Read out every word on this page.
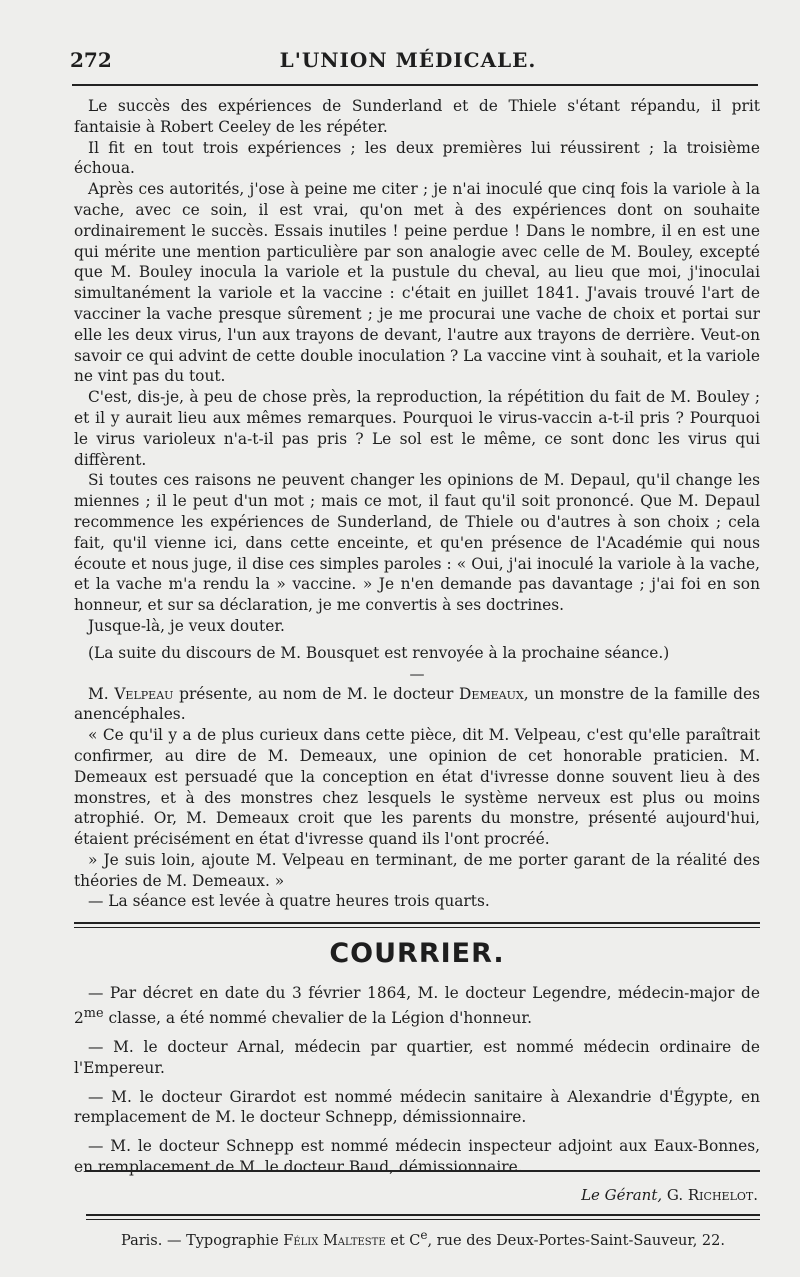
272	L'UNION MÉDICALE.

Le succès des expériences de Sunderland et de Thiele s'étant répandu, il prit fantaisie à Robert Ceeley de les répéter.

Il fit en tout trois expériences ; les deux premières lui réussirent ; la troisième échoua.

Après ces autorités, j'ose à peine me citer ; je n'ai inoculé que cinq fois la variole à la vache, avec ce soin, il est vrai, qu'on met à des expériences dont on souhaite ordinairement le succès. Essais inutiles ! peine perdue ! Dans le nombre, il en est une qui mérite une mention particulière par son analogie avec celle de M. Bouley, excepté que M. Bouley inocula la variole et la pustule du cheval, au lieu que moi, j'inoculai simultanément la variole et la vaccine : c'était en juillet 1841. J'avais trouvé l'art de vacciner la vache presque sûrement ; je me procurai une vache de choix et portai sur elle les deux virus, l'un aux trayons de devant, l'autre aux trayons de derrière. Veut-on savoir ce qui advint de cette double inoculation ? La vaccine vint à souhait, et la variole ne vint pas du tout.

C'est, dis-je, à peu de chose près, la reproduction, la répétition du fait de M. Bouley ; et il y aurait lieu aux mêmes remarques. Pourquoi le virus-vaccin a-t-il pris ? Pourquoi le virus varioleux n'a-t-il pas pris ? Le sol est le même, ce sont donc les virus qui diffèrent.

Si toutes ces raisons ne peuvent changer les opinions de M. Depaul, qu'il change les miennes ; il le peut d'un mot ; mais ce mot, il faut qu'il soit prononcé. Que M. Depaul recommence les expériences de Sunderland, de Thiele ou d'autres à son choix ; cela fait, qu'il vienne ici, dans cette enceinte, et qu'en présence de l'Académie qui nous écoute et nous juge, il dise ces simples paroles : « Oui, j'ai inoculé la variole à la vache, et la vache m'a rendu la » vaccine. » Je n'en demande pas davantage ; j'ai foi en son honneur, et sur sa déclaration, je me convertis à ses doctrines.

Jusque-là, je veux douter.

(La suite du discours de M. Bousquet est renvoyée à la prochaine séance.)

—

M. Velpeau présente, au nom de M. le docteur Demeaux, un monstre de la famille des anencéphales.

« Ce qu'il y a de plus curieux dans cette pièce, dit M. Velpeau, c'est qu'elle paraîtrait confirmer, au dire de M. Demeaux, une opinion de cet honorable praticien. M. Demeaux est persuadé que la conception en état d'ivresse donne souvent lieu à des monstres, et à des monstres chez lesquels le système nerveux est plus ou moins atrophié. Or, M. Demeaux croit que les parents du monstre, présenté aujourd'hui, étaient précisément en état d'ivresse quand ils l'ont procréé.

» Je suis loin, ajoute M. Velpeau en terminant, de me porter garant de la réalité des théories de M. Demeaux. »

— La séance est levée à quatre heures trois quarts.

COURRIER.

— Par décret en date du 3 février 1864, M. le docteur Legendre, médecin-major de $2^{me}$ classe, a été nommé chevalier de la Légion d'honneur.

— M. le docteur Arnal, médecin par quartier, est nommé médecin ordinaire de l'Empereur.

— M. le docteur Girardot est nommé médecin sanitaire à Alexandrie d'Égypte, en remplacement de M. le docteur Schnepp, démissionnaire.

— M. le docteur Schnepp est nommé médecin inspecteur adjoint aux Eaux-Bonnes, en remplacement de M. le docteur Baud, démissionnaire.

Le Gérant, G. Richelot.
Paris. — Typographie Félix Malteste et Ce, rue des Deux-Portes-Saint-Sauveur, 22.
